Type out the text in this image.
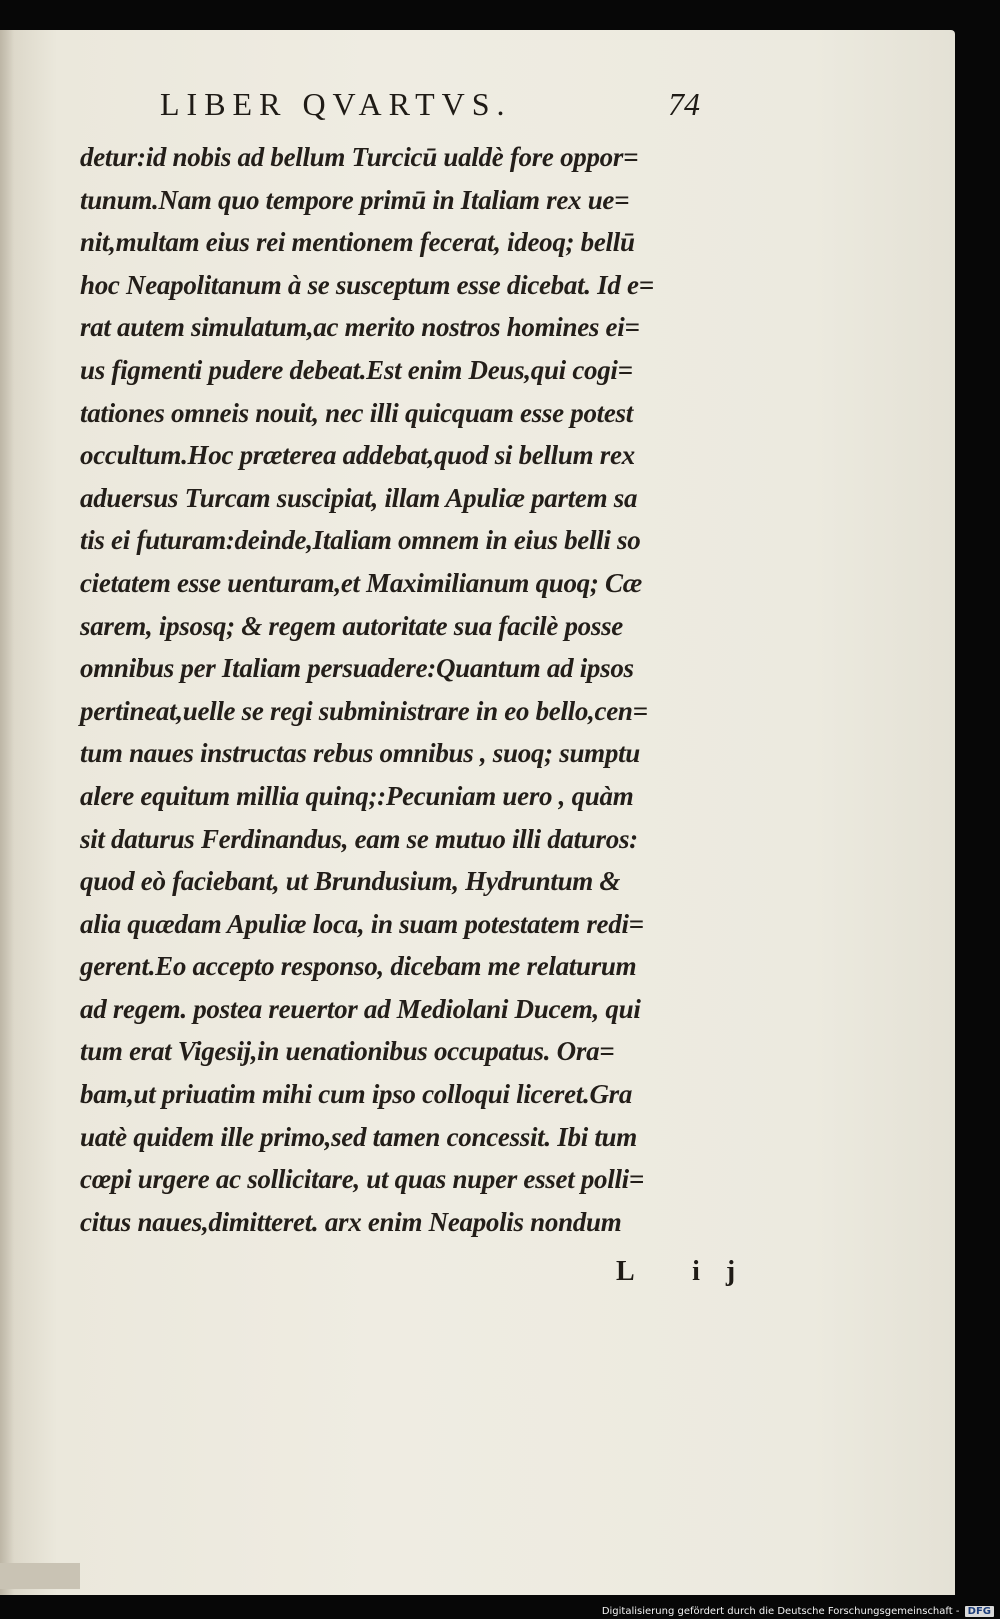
LIBER QVARTVS.	74
detur:id nobis ad bellum Turcicū ualdè fore oppor=
tunum.Nam quo tempore primū in Italiam rex ue=
nit,multam eius rei mentionem fecerat, ideoq; bellū
hoc Neapolitanum à se susceptum esse dicebat. Id e=
rat autem simulatum,ac merito nostros homines ei=
us figmenti pudere debeat.Est enim Deus,qui cogi=
tationes omneis nouit, nec illi quicquam esse potest
occultum.Hoc præterea addebat,quod si bellum rex
aduersus Turcam suscipiat, illam Apuliæ partem sa
tis ei futuram:deinde,Italiam omnem in eius belli so
cietatem esse uenturam,et Maximilianum quoq; Cæ
sarem, ipsosq; & regem autoritate sua facilè posse
omnibus per Italiam persuadere:Quantum ad ipsos
pertineat,uelle se regi subministrare in eo bello,cen=
tum naues instructas rebus omnibus , suoq; sumptu
alere equitum millia quinq;:Pecuniam uero , quàm
sit daturus Ferdinandus, eam se mutuo illi daturos:
quod eò faciebant, ut Brundusium, Hydruntum &
alia quædam Apuliæ loca, in suam potestatem redi=
gerent.Eo accepto responso, dicebam me relaturum
ad regem. postea reuertor ad Mediolani Ducem, qui
tum erat Vigesij,in uenationibus occupatus. Ora=
bam,ut priuatim mihi cum ipso colloqui liceret.Gra
uatè quidem ille primo,sed tamen concessit. Ibi tum
cœpi urgere ac sollicitare, ut quas nuper esset polli=
citus naues,dimitteret. arx enim Neapolis nondum
L ij
Digitalisierung gefördert durch die Deutsche Forschungsgemeinschaft - DFG
